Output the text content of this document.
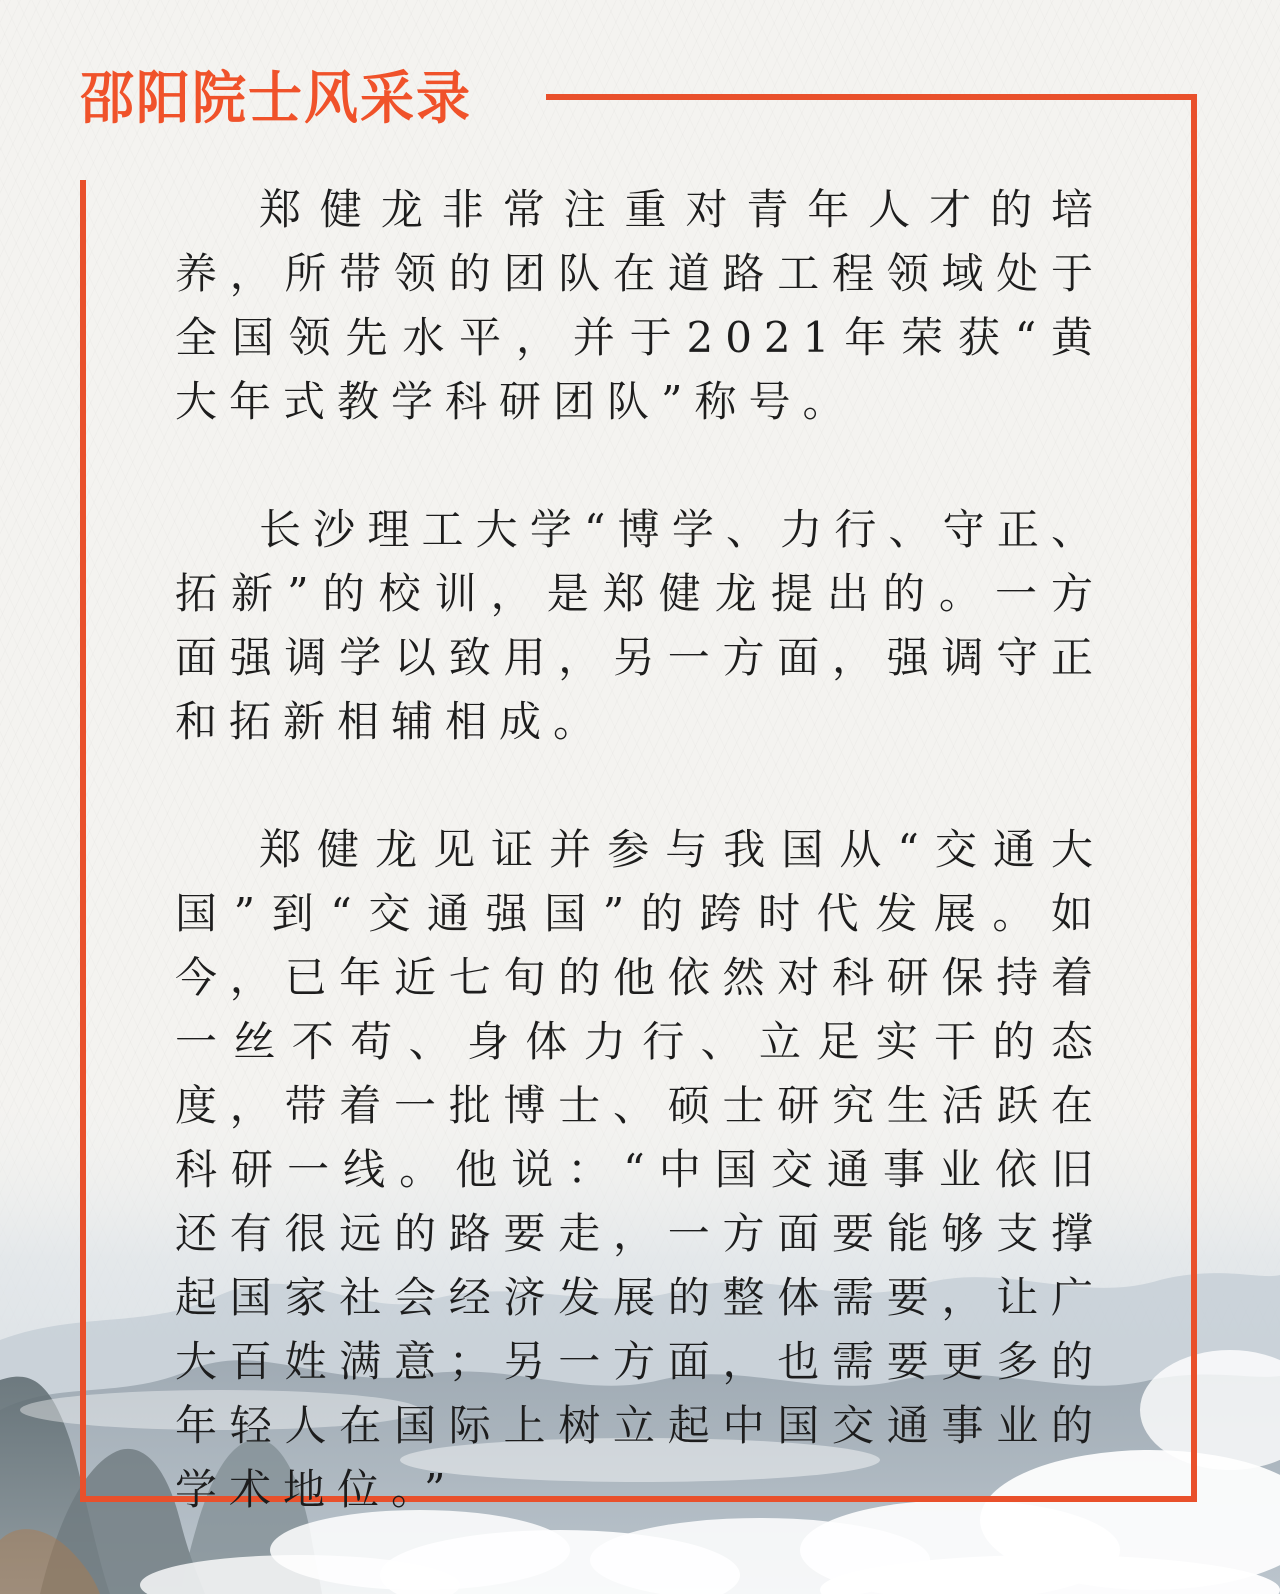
邵阳院士风采录

郑健龙非常注重对青年人才的培养，所带领的团队在道路工程领域处于全国领先水平，并于2021年荣获“黄大年式教学科研团队”称号。

长沙理工大学“博学、力行、守正、拓新”的校训，是郑健龙提出的。一方面强调学以致用，另一方面，强调守正和拓新相辅相成。

郑健龙见证并参与我国从“交通大国”到“交通强国”的跨时代发展。如今，已年近七旬的他依然对科研保持着一丝不苟、身体力行、立足实干的态度，带着一批博士、硕士研究生活跃在科研一线。他说：“中国交通事业依旧还有很远的路要走，一方面要能够支撑起国家社会经济发展的整体需要，让广大百姓满意；另一方面，也需要更多的年轻人在国际上树立起中国交通事业的学术地位。”
